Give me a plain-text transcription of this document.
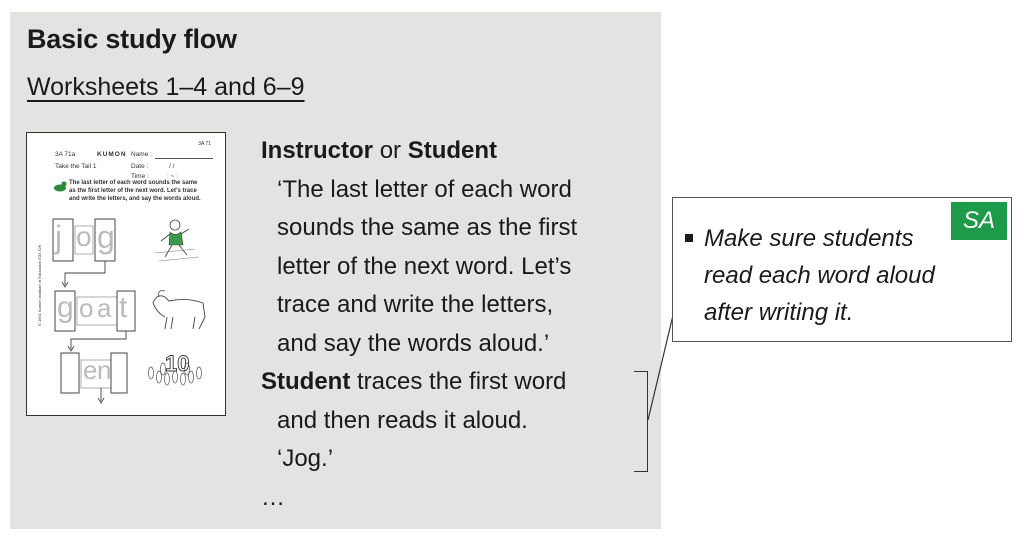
Basic study flow
Worksheets 1–4 and 6–9
3A 71
3A 71a	KUMON Name :
Take the Tail 1	Date :	/ /
Time :	: ~ :
The last letter of each word sounds the same
as the first letter of the next word. Let's trace
and write the letters, and say the words aloud.
© 1991 Kumon Institute of Education E33 326
10
j o g
g o a t
e n
Instructor or Student
‘The last letter of each word
sounds the same as the first
letter of the next word. Let’s
trace and write the letters,
and say the words aloud.’
Student traces the first word
and then reads it aloud.
‘Jog.’
…
SA
Make sure students
read each word aloud
after writing it.
